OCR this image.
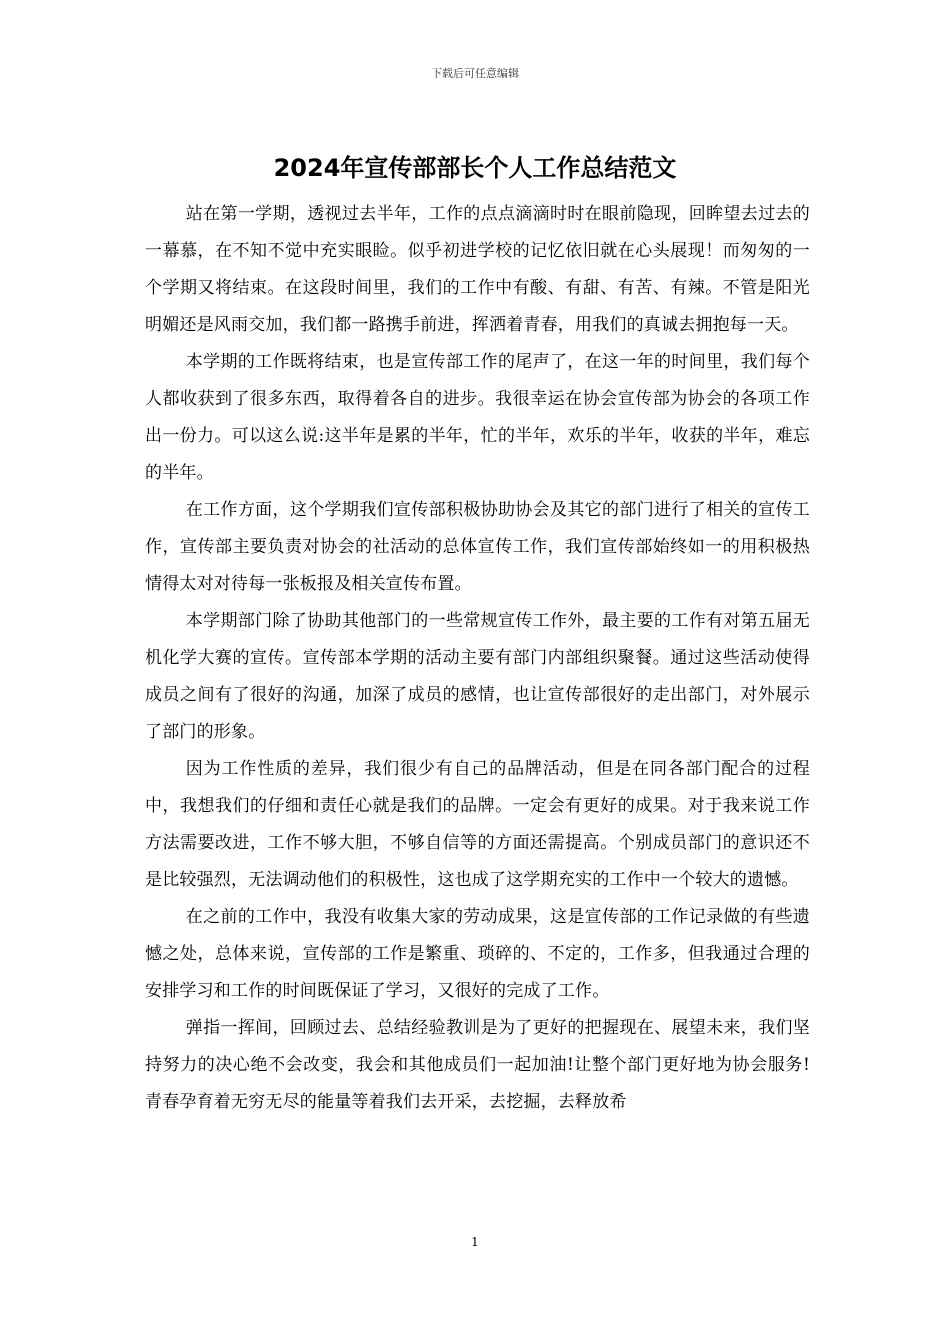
下载后可任意编辑
2024年宣传部部长个人工作总结范文

站在第一学期，透视过去半年，工作的点点滴滴时时在眼前隐现，回眸望去过去的一幕慕，在不知不觉中充实眼睑。似乎初进学校的记忆依旧就在心头展现！而匆匆的一个学期又将结束。在这段时间里，我们的工作中有酸、有甜、有苦、有辣。不管是阳光明媚还是风雨交加，我们都一路携手前进，挥洒着青春，用我们的真诚去拥抱每一天。

本学期的工作既将结束，也是宣传部工作的尾声了，在这一年的时间里，我们每个人都收获到了很多东西，取得着各自的进步。我很幸运在协会宣传部为协会的各项工作出一份力。可以这么说:这半年是累的半年，忙的半年，欢乐的半年，收获的半年，难忘的半年。

在工作方面，这个学期我们宣传部积极协助协会及其它的部门进行了相关的宣传工作，宣传部主要负责对协会的社活动的总体宣传工作，我们宣传部始终如一的用积极热情得太对对待每一张板报及相关宣传布置。

本学期部门除了协助其他部门的一些常规宣传工作外，最主要的工作有对第五届无机化学大赛的宣传。宣传部本学期的活动主要有部门内部组织聚餐。通过这些活动使得成员之间有了很好的沟通，加深了成员的感情，也让宣传部很好的走出部门，对外展示了部门的形象。

因为工作性质的差异，我们很少有自己的品牌活动，但是在同各部门配合的过程中，我想我们的仔细和责任心就是我们的品牌。一定会有更好的成果。对于我来说工作方法需要改进，工作不够大胆，不够自信等的方面还需提高。个别成员部门的意识还不是比较强烈，无法调动他们的积极性，这也成了这学期充实的工作中一个较大的遗憾。

在之前的工作中，我没有收集大家的劳动成果，这是宣传部的工作记录做的有些遗憾之处，总体来说，宣传部的工作是繁重、琐碎的、不定的，工作多，但我通过合理的安排学习和工作的时间既保证了学习，又很好的完成了工作。

弹指一挥间，回顾过去、总结经验教训是为了更好的把握现在、展望未来，我们坚持努力的决心绝不会改变，我会和其他成员们一起加油!让整个部门更好地为协会服务!青春孕育着无穷无尽的能量等着我们去开采，去挖掘，去释放希

1
